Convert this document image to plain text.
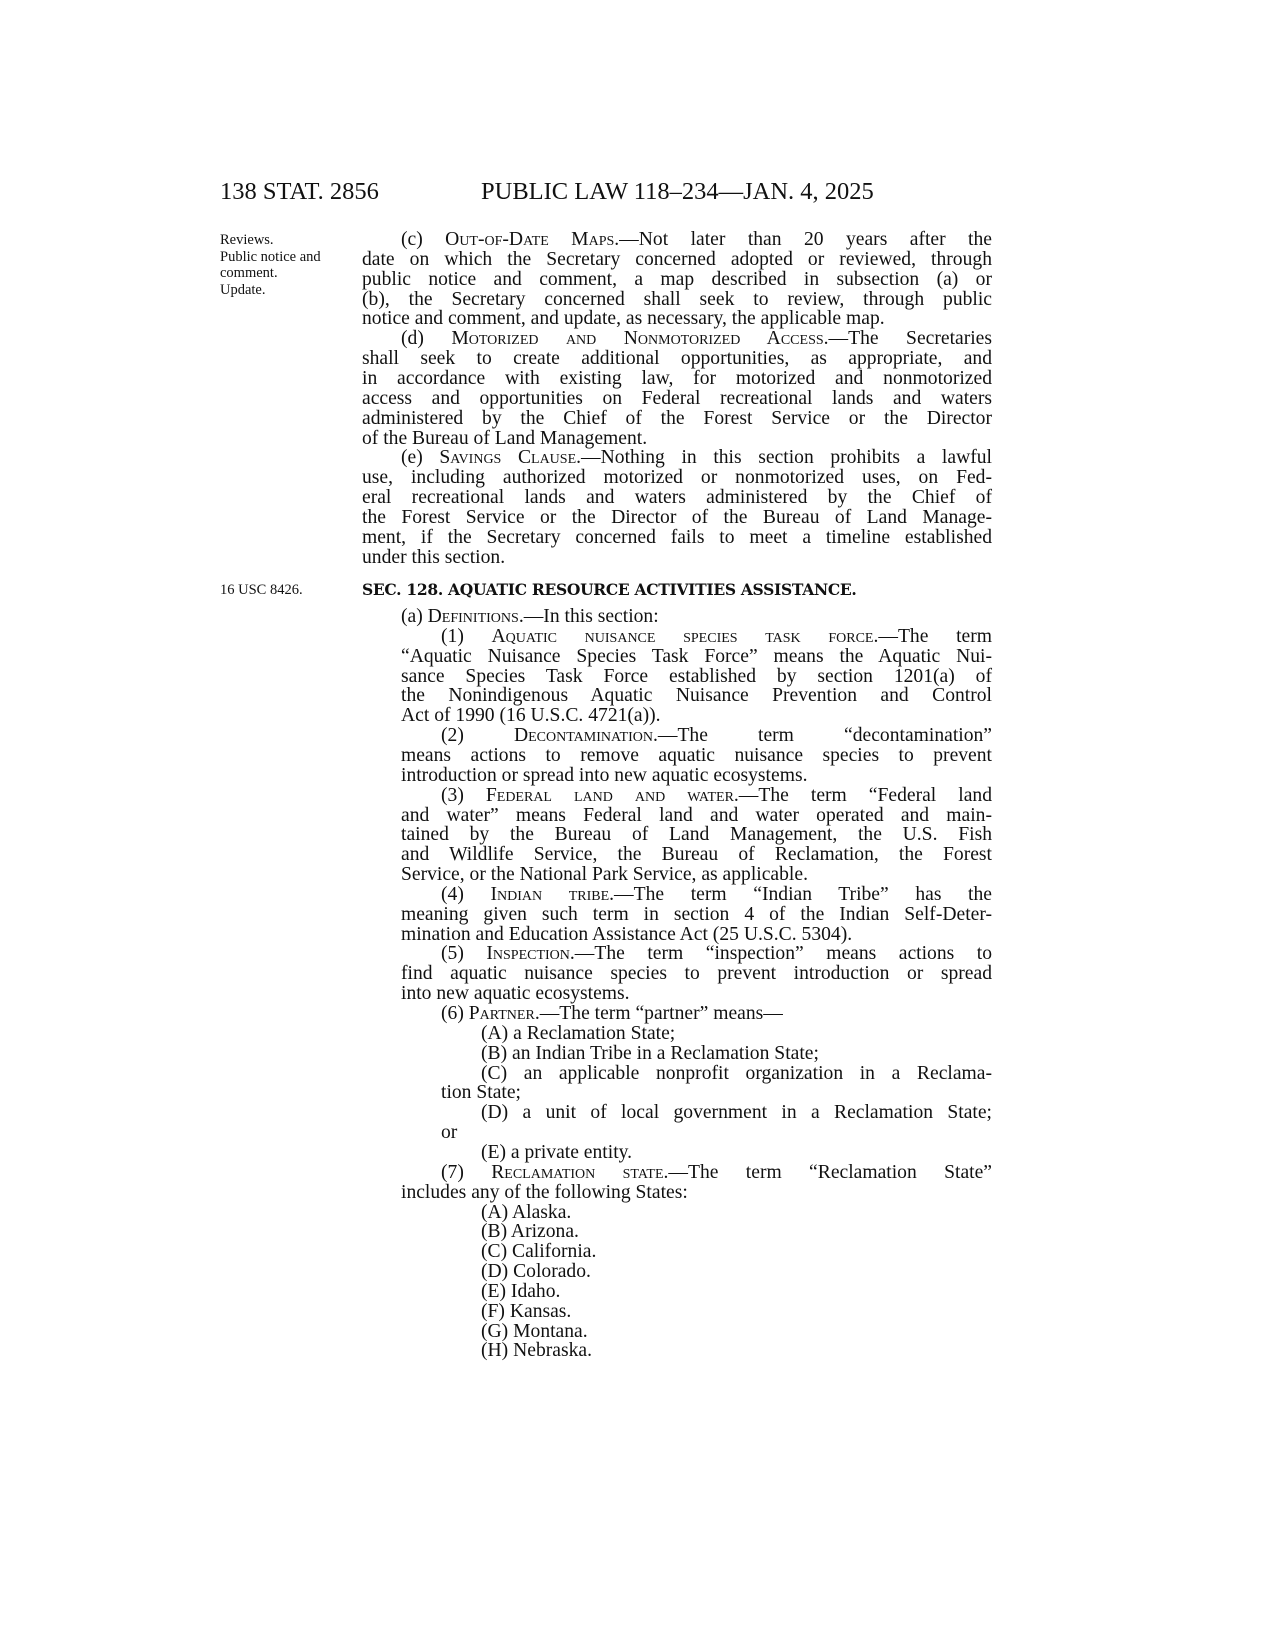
138 STAT. 2856	PUBLIC LAW 118–234—JAN. 4, 2025
Reviews.
Public notice and
comment.
Update.
16 USC 8426.
(c) Out-of-Date Maps.—Not later than 20 years after the
date on which the Secretary concerned adopted or reviewed, through
public notice and comment, a map described in subsection (a) or
(b), the Secretary concerned shall seek to review, through public
notice and comment, and update, as necessary, the applicable map.
(d) Motorized and Nonmotorized Access.—The Secretaries
shall seek to create additional opportunities, as appropriate, and
in accordance with existing law, for motorized and nonmotorized
access and opportunities on Federal recreational lands and waters
administered by the Chief of the Forest Service or the Director
of the Bureau of Land Management.
(e) Savings Clause.—Nothing in this section prohibits a lawful
use, including authorized motorized or nonmotorized uses, on Fed-
eral recreational lands and waters administered by the Chief of
the Forest Service or the Director of the Bureau of Land Manage-
ment, if the Secretary concerned fails to meet a timeline established
under this section.
SEC. 128. AQUATIC RESOURCE ACTIVITIES ASSISTANCE.
(a) Definitions.—In this section:
(1) Aquatic nuisance species task force.—The term
“Aquatic Nuisance Species Task Force” means the Aquatic Nui-
sance Species Task Force established by section 1201(a) of
the Nonindigenous Aquatic Nuisance Prevention and Control
Act of 1990 (16 U.S.C. 4721(a)).
(2) Decontamination.—The term “decontamination”
means actions to remove aquatic nuisance species to prevent
introduction or spread into new aquatic ecosystems.
(3) Federal land and water.—The term “Federal land
and water” means Federal land and water operated and main-
tained by the Bureau of Land Management, the U.S. Fish
and Wildlife Service, the Bureau of Reclamation, the Forest
Service, or the National Park Service, as applicable.
(4) Indian tribe.—The term “Indian Tribe” has the
meaning given such term in section 4 of the Indian Self-Deter-
mination and Education Assistance Act (25 U.S.C. 5304).
(5) Inspection.—The term “inspection” means actions to
find aquatic nuisance species to prevent introduction or spread
into new aquatic ecosystems.
(6) Partner.—The term “partner” means—
(A) a Reclamation State;
(B) an Indian Tribe in a Reclamation State;
(C) an applicable nonprofit organization in a Reclama-
tion State;
(D) a unit of local government in a Reclamation State;
or
(E) a private entity.
(7) Reclamation state.—The term “Reclamation State”
includes any of the following States:
(A) Alaska.
(B) Arizona.
(C) California.
(D) Colorado.
(E) Idaho.
(F) Kansas.
(G) Montana.
(H) Nebraska.
